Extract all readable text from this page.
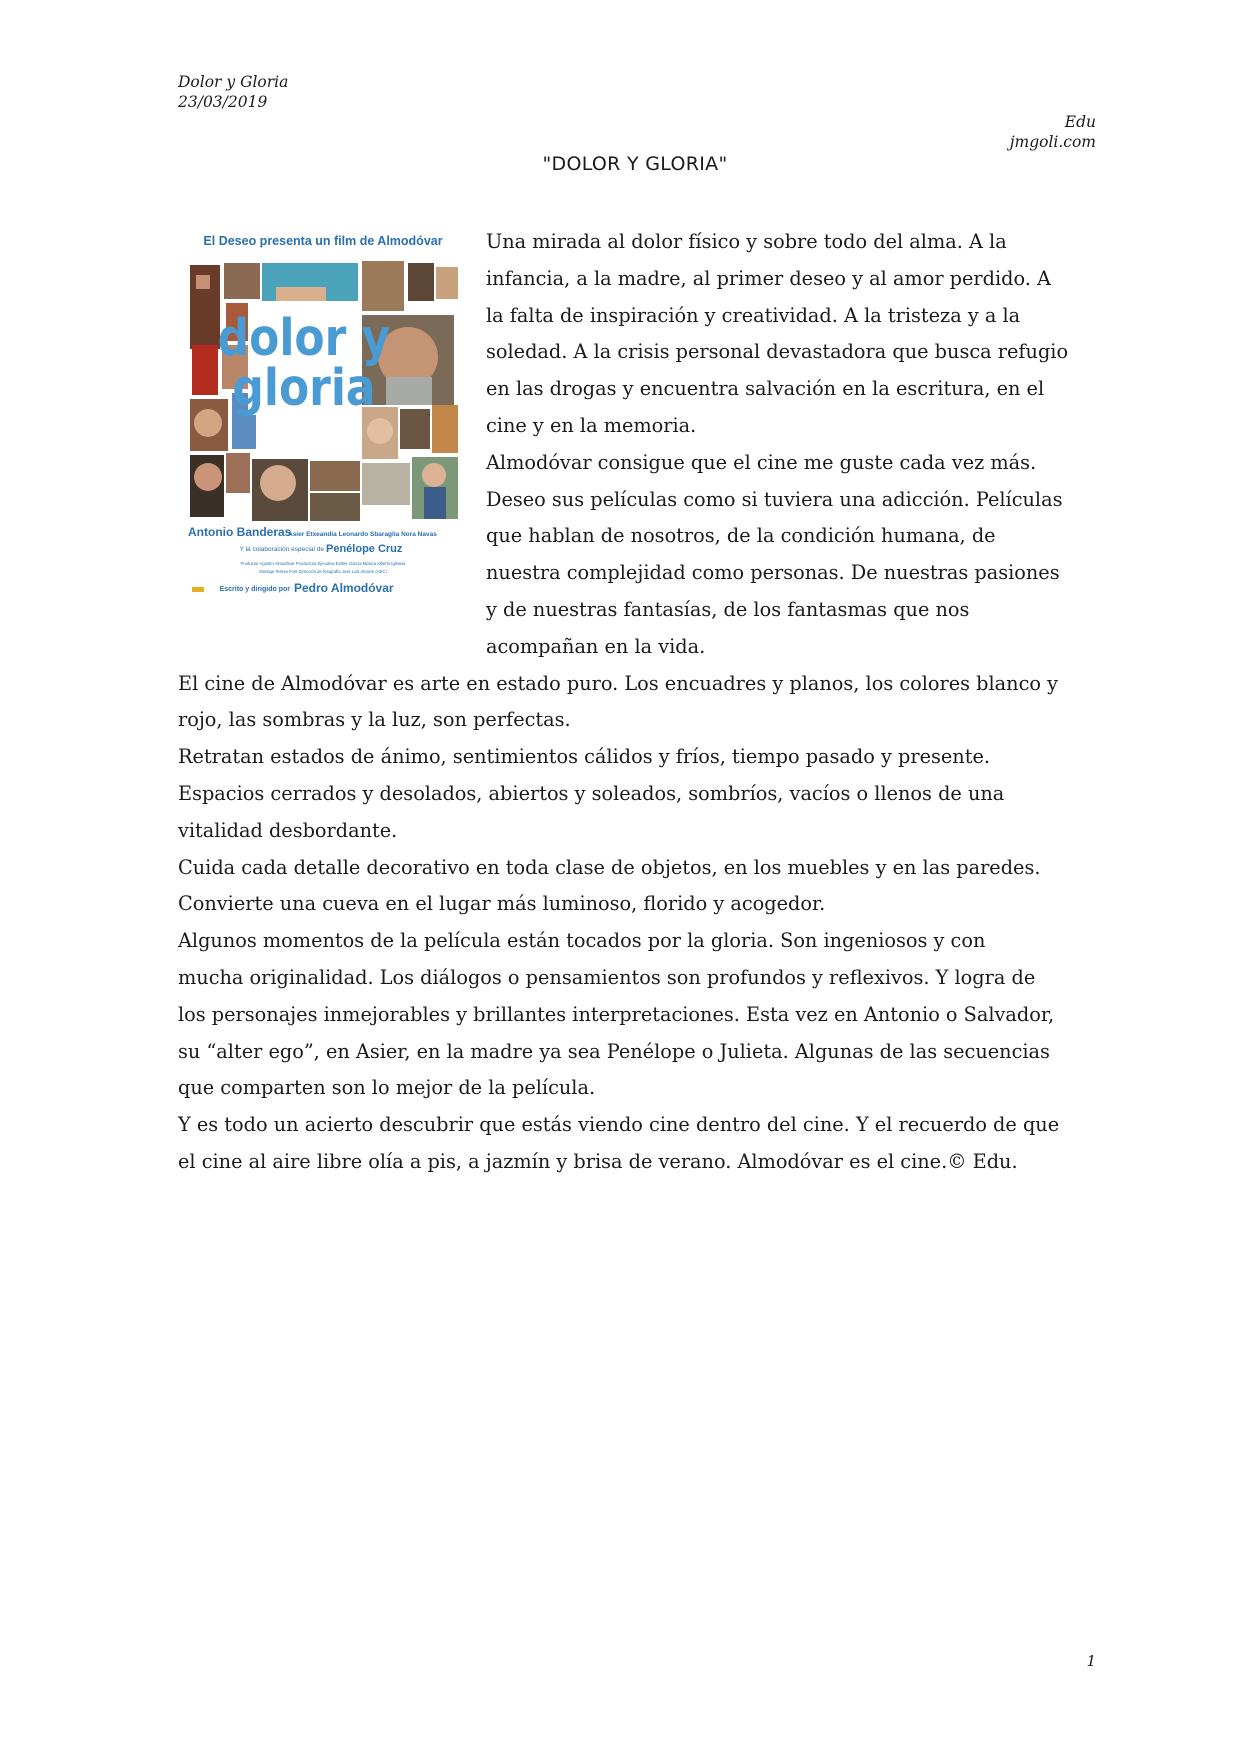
Dolor y Gloria
23/03/2019
Edu
jmgoli.com
"DOLOR Y GLORIA"
El Deseo presenta un film de Almodóvar
dolor y
gloria
Antonio Banderas
Asier Etxeandia Leonardo Sbaraglia Nora Navas
Y la colaboración especial de Penélope Cruz
Productor Agustín Almodóvar Productora Ejecutiva Esther García Música Alberto Iglesias
Montaje Teresa Font Dirección de fotografía José Luis Alcaine (AEC)
Escrito y dirigido por Pedro Almodóvar
Una mirada al dolor físico y sobre todo del alma. A la
infancia, a la madre, al primer deseo y al amor perdido. A
la falta de inspiración y creatividad. A la tristeza y a la
soledad. A la crisis personal devastadora que busca refugio
en las drogas y encuentra salvación en la escritura, en el
cine y en la memoria.
Almodóvar consigue que el cine me guste cada vez más.
Deseo sus películas como si tuviera una adicción. Películas
que hablan de nosotros, de la condición humana, de
nuestra complejidad como personas. De nuestras pasiones
y de nuestras fantasías, de los fantasmas que nos
acompañan en la vida.
El cine de Almodóvar es arte en estado puro. Los encuadres y planos, los colores blanco y
rojo, las sombras y la luz, son perfectas.
Retratan estados de ánimo, sentimientos cálidos y fríos, tiempo pasado y presente.
Espacios cerrados y desolados, abiertos y soleados, sombríos, vacíos o llenos de una
vitalidad desbordante.
Cuida cada detalle decorativo en toda clase de objetos, en los muebles y en las paredes.
Convierte una cueva en el lugar más luminoso, florido y acogedor.
Algunos momentos de la película están tocados por la gloria. Son ingeniosos y con
mucha originalidad. Los diálogos o pensamientos son profundos y reflexivos. Y logra de
los personajes inmejorables y brillantes interpretaciones. Esta vez en Antonio o Salvador,
su “alter ego”, en Asier, en la madre ya sea Penélope o Julieta. Algunas de las secuencias
que comparten son lo mejor de la película.
Y es todo un acierto descubrir que estás viendo cine dentro del cine. Y el recuerdo de que
el cine al aire libre olía a pis, a jazmín y brisa de verano. Almodóvar es el cine.© Edu.
1
